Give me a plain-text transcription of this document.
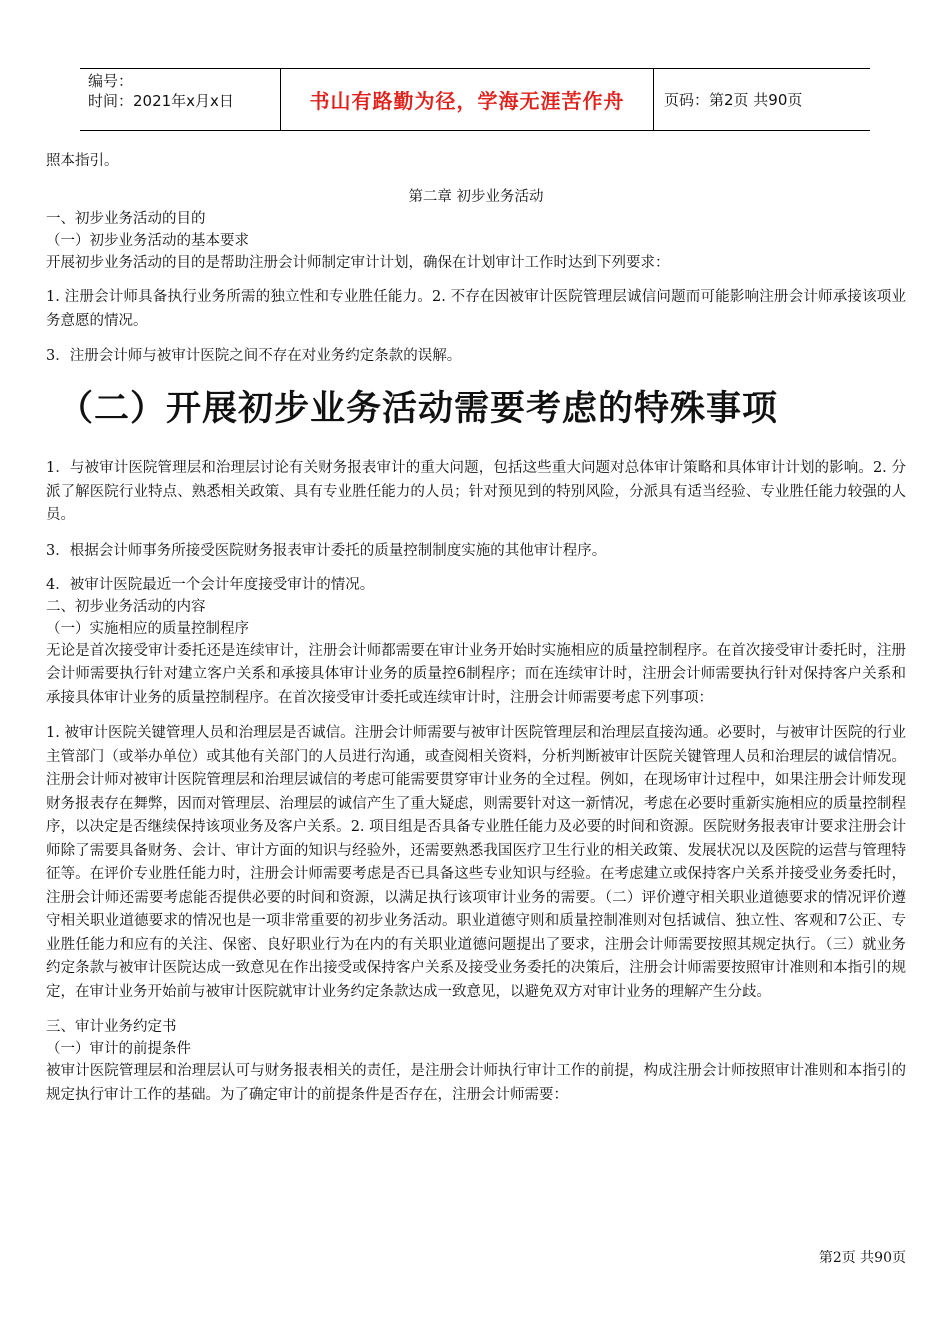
编号：
时间：2021年x月x日	书山有路勤为径，学海无涯苦作舟	页码：第2页 共90页

照本指引。

第二章 初步业务活动

一、初步业务活动的目的

（一）初步业务活动的基本要求

开展初步业务活动的目的是帮助注册会计师制定审计计划，确保在计划审计工作时达到下列要求：

1. 注册会计师具备执行业务所需的独立性和专业胜任能力。2. 不存在因被审计医院管理层诚信问题而可能影响注册会计师承接该项业务意愿的情况。

3．注册会计师与被审计医院之间不存在对业务约定条款的误解。

（二）开展初步业务活动需要考虑的特殊事项

1．与被审计医院管理层和治理层讨论有关财务报表审计的重大问题，包括这些重大问题对总体审计策略和具体审计计划的影响。2. 分派了解医院行业特点、熟悉相关政策、具有专业胜任能力的人员；针对预见到的特别风险，分派具有适当经验、专业胜任能力较强的人员。

3．根据会计师事务所接受医院财务报表审计委托的质量控制制度实施的其他审计程序。

4．被审计医院最近一个会计年度接受审计的情况。

二、初步业务活动的内容

（一）实施相应的质量控制程序

无论是首次接受审计委托还是连续审计，注册会计师都需要在审计业务开始时实施相应的质量控制程序。在首次接受审计委托时，注册会计师需要执行针对建立客户关系和承接具体审计业务的质量控6制程序；而在连续审计时，注册会计师需要执行针对保持客户关系和承接具体审计业务的质量控制程序。在首次接受审计委托或连续审计时，注册会计师需要考虑下列事项：

1. 被审计医院关键管理人员和治理层是否诚信。注册会计师需要与被审计医院管理层和治理层直接沟通。必要时，与被审计医院的行业主管部门（或举办单位）或其他有关部门的人员进行沟通，或查阅相关资料，分析判断被审计医院关键管理人员和治理层的诚信情况。注册会计师对被审计医院管理层和治理层诚信的考虑可能需要贯穿审计业务的全过程。例如，在现场审计过程中，如果注册会计师发现财务报表存在舞弊，因而对管理层、治理层的诚信产生了重大疑虑，则需要针对这一新情况，考虑在必要时重新实施相应的质量控制程序，以决定是否继续保持该项业务及客户关系。2. 项目组是否具备专业胜任能力及必要的时间和资源。医院财务报表审计要求注册会计师除了需要具备财务、会计、审计方面的知识与经验外，还需要熟悉我国医疗卫生行业的相关政策、发展状况以及医院的运营与管理特征等。在评价专业胜任能力时，注册会计师需要考虑是否已具备这些专业知识与经验。在考虑建立或保持客户关系并接受业务委托时，注册会计师还需要考虑能否提供必要的时间和资源，以满足执行该项审计业务的需要。（二）评价遵守相关职业道德要求的情况评价遵守相关职业道德要求的情况也是一项非常重要的初步业务活动。职业道德守则和质量控制准则对包括诚信、独立性、客观和7公正、专业胜任能力和应有的关注、保密、良好职业行为在内的有关职业道德问题提出了要求，注册会计师需要按照其规定执行。（三）就业务约定条款与被审计医院达成一致意见在作出接受或保持客户关系及接受业务委托的决策后，注册会计师需要按照审计准则和本指引的规定，在审计业务开始前与被审计医院就审计业务约定条款达成一致意见，以避免双方对审计业务的理解产生分歧。

三、审计业务约定书

（一）审计的前提条件

被审计医院管理层和治理层认可与财务报表相关的责任，是注册会计师执行审计工作的前提，构成注册会计师按照审计准则和本指引的规定执行审计工作的基础。为了确定审计的前提条件是否存在，注册会计师需要：

第2页 共90页
